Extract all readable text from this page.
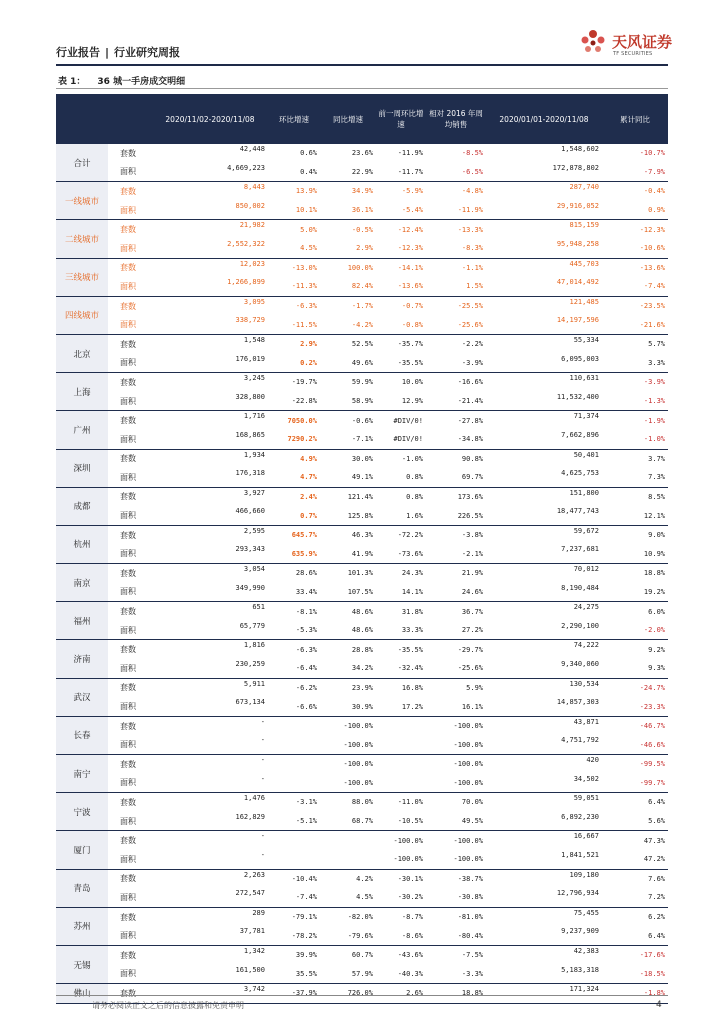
行业报告 | 行业研究周报
天风证券
TF SECURITIES
表 1： 36 城一手房成交明细
		2020/11/02-2020/11/08	环比增速	同比增速	前一周环比增速	相对 2016 年周均销售	2020/01/01-2020/11/08	累计同比
合计	套数	42,448	0.6%	23.6%	-11.9%	-8.5%	1,548,602	-10.7%
	面积	4,669,223	0.4%	22.9%	-11.7%	-6.5%	172,878,802	-7.9%
一线城市	套数	8,443	13.9%	34.9%	-5.9%	-4.8%	287,740	-0.4%
	面积	850,002	10.1%	36.1%	-5.4%	-11.9%	29,916,052	0.9%
二线城市	套数	21,982	5.0%	-0.5%	-12.4%	-13.3%	815,159	-12.3%
	面积	2,552,322	4.5%	2.9%	-12.3%	-8.3%	95,948,258	-10.6%
三线城市	套数	12,023	-13.0%	100.0%	-14.1%	-1.1%	445,703	-13.6%
	面积	1,266,899	-11.3%	82.4%	-13.6%	1.5%	47,014,492	-7.4%
四线城市	套数	3,095	-6.3%	-1.7%	-0.7%	-25.5%	121,485	-23.5%
	面积	338,729	-11.5%	-4.2%	-0.8%	-25.6%	14,197,596	-21.6%
北京	套数	1,548	2.9%	52.5%	-35.7%	-2.2%	55,334	5.7%
	面积	176,019	0.2%	49.6%	-35.5%	-3.9%	6,095,003	3.3%
上海	套数	3,245	-19.7%	59.9%	10.0%	-16.6%	110,631	-3.9%
	面积	328,800	-22.8%	58.9%	12.9%	-21.4%	11,532,400	-1.3%
广州	套数	1,716	7050.0%	-0.6%	#DIV/0!	-27.8%	71,374	-1.9%
	面积	168,865	7290.2%	-7.1%	#DIV/0!	-34.8%	7,662,896	-1.0%
深圳	套数	1,934	4.9%	30.0%	-1.0%	90.8%	50,401	3.7%
	面积	176,318	4.7%	49.1%	0.8%	69.7%	4,625,753	7.3%
成都	套数	3,927	2.4%	121.4%	0.8%	173.6%	151,800	8.5%
	面积	466,660	0.7%	125.8%	1.6%	226.5%	18,477,743	12.1%
杭州	套数	2,595	645.7%	46.3%	-72.2%	-3.8%	59,672	9.0%
	面积	293,343	635.9%	41.9%	-73.6%	-2.1%	7,237,681	10.9%
南京	套数	3,054	28.6%	101.3%	24.3%	21.9%	70,012	18.8%
	面积	349,990	33.4%	107.5%	14.1%	24.6%	8,190,484	19.2%
福州	套数	651	-8.1%	48.6%	31.8%	36.7%	24,275	6.0%
	面积	65,779	-5.3%	48.6%	33.3%	27.2%	2,290,100	-2.0%
济南	套数	1,816	-6.3%	28.8%	-35.5%	-29.7%	74,222	9.2%
	面积	230,259	-6.4%	34.2%	-32.4%	-25.6%	9,340,060	9.3%
武汉	套数	5,911	-6.2%	23.9%	16.8%	5.9%	130,534	-24.7%
	面积	673,134	-6.6%	30.9%	17.2%	16.1%	14,857,303	-23.3%
长春	套数	-		-100.0%		-100.0%	43,871	-46.7%
	面积	-		-100.0%		-100.0%	4,751,792	-46.6%
南宁	套数	-		-100.0%		-100.0%	420	-99.5%
	面积	-		-100.0%		-100.0%	34,502	-99.7%
宁波	套数	1,476	-3.1%	88.0%	-11.0%	70.0%	59,051	6.4%
	面积	162,829	-5.1%	68.7%	-10.5%	49.5%	6,892,230	5.6%
厦门	套数	-			-100.0%	-100.0%	16,667	47.3%
	面积	-			-100.0%	-100.0%	1,841,521	47.2%
青岛	套数	2,263	-10.4%	4.2%	-30.1%	-38.7%	109,180	7.6%
	面积	272,547	-7.4%	4.5%	-30.2%	-30.8%	12,796,934	7.2%
苏州	套数	289	-79.1%	-82.0%	-8.7%	-81.0%	75,455	6.2%
	面积	37,781	-78.2%	-79.6%	-8.6%	-80.4%	9,237,909	6.4%
无锡	套数	1,342	39.9%	60.7%	-43.6%	-7.5%	42,383	-17.6%
	面积	161,500	35.5%	57.9%	-40.3%	-3.3%	5,183,318	-18.5%
佛山	套数	3,742	-37.9%	726.0%	2.6%	18.8%	171,324	-1.8%
请务必阅读正文之后的信息披露和免责申明	4
